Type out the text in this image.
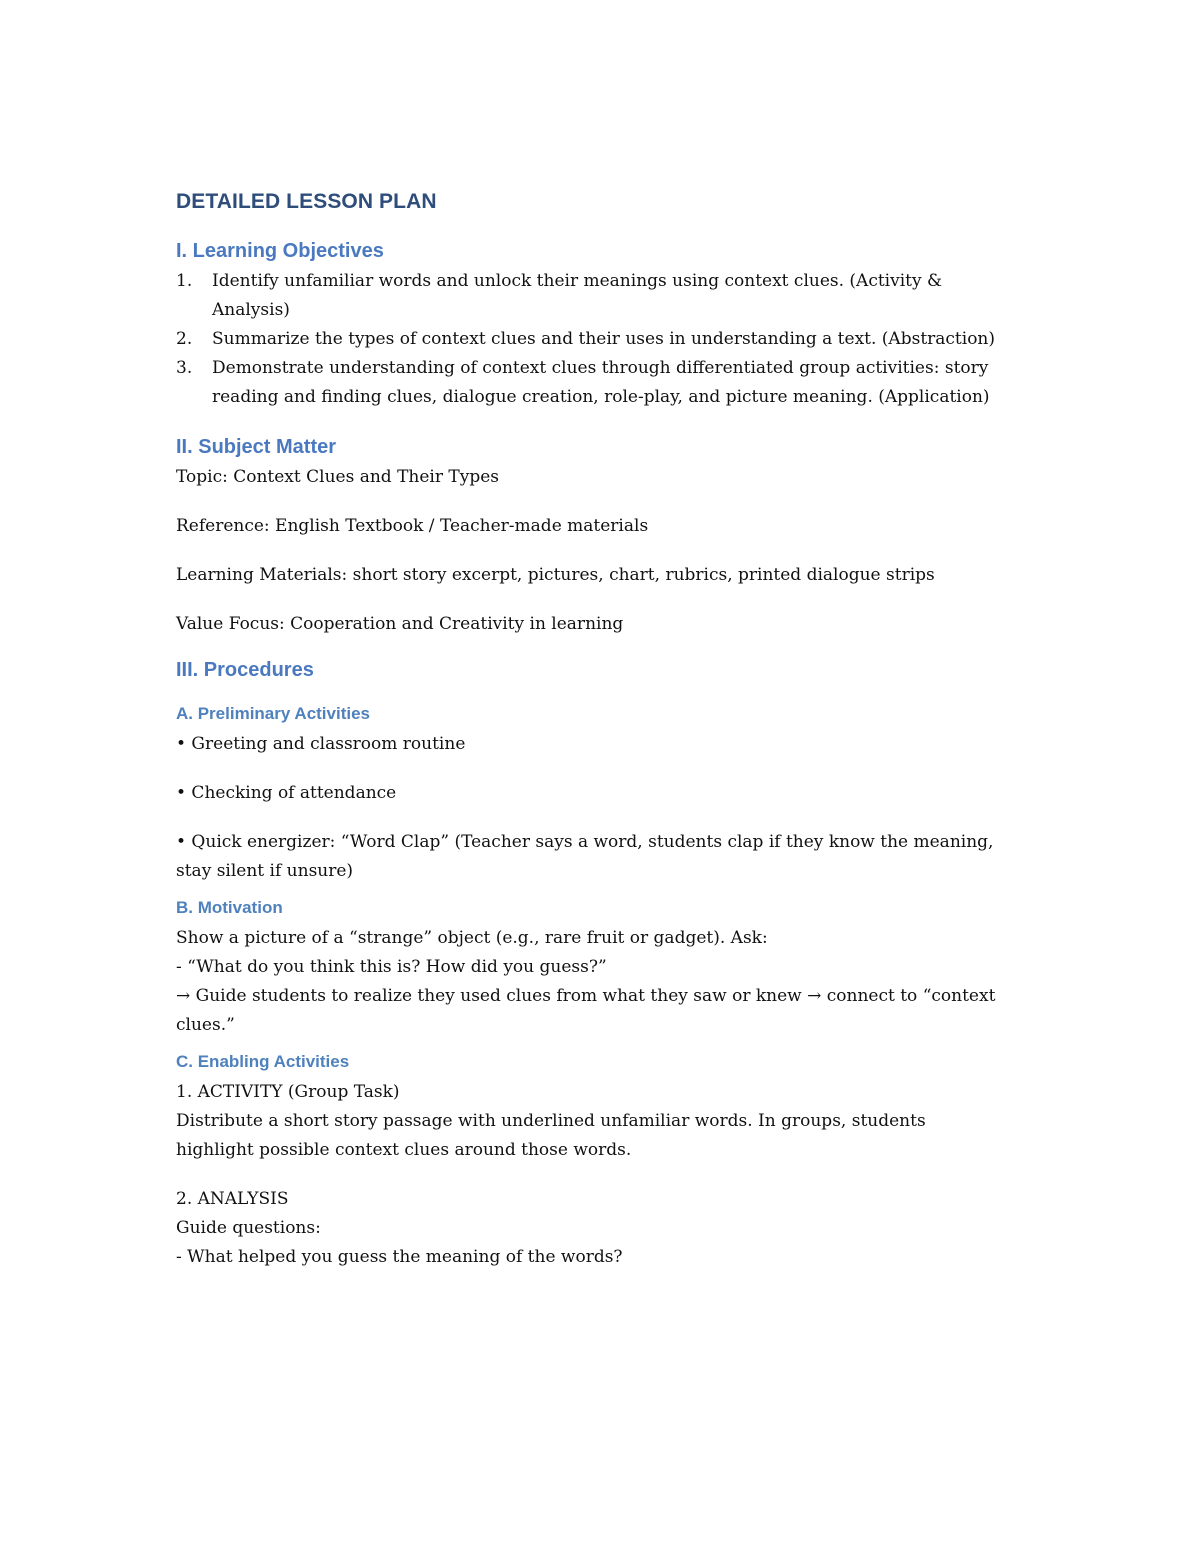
DETAILED LESSON PLAN
I. Learning Objectives
1. Identify unfamiliar words and unlock their meanings using context clues. (Activity & Analysis)
2. Summarize the types of context clues and their uses in understanding a text. (Abstraction)
3. Demonstrate understanding of context clues through differentiated group activities: story reading and finding clues, dialogue creation, role-play, and picture meaning. (Application)
II. Subject Matter
Topic: Context Clues and Their Types
Reference: English Textbook / Teacher-made materials
Learning Materials: short story excerpt, pictures, chart, rubrics, printed dialogue strips
Value Focus: Cooperation and Creativity in learning
III. Procedures
A. Preliminary Activities
• Greeting and classroom routine
• Checking of attendance
• Quick energizer: “Word Clap” (Teacher says a word, students clap if they know the meaning, stay silent if unsure)
B. Motivation
Show a picture of a “strange” object (e.g., rare fruit or gadget). Ask:
- “What do you think this is? How did you guess?”
→ Guide students to realize they used clues from what they saw or knew → connect to “context clues.”
C. Enabling Activities
1. ACTIVITY (Group Task)
Distribute a short story passage with underlined unfamiliar words. In groups, students highlight possible context clues around those words.
2. ANALYSIS
Guide questions:
- What helped you guess the meaning of the words?
